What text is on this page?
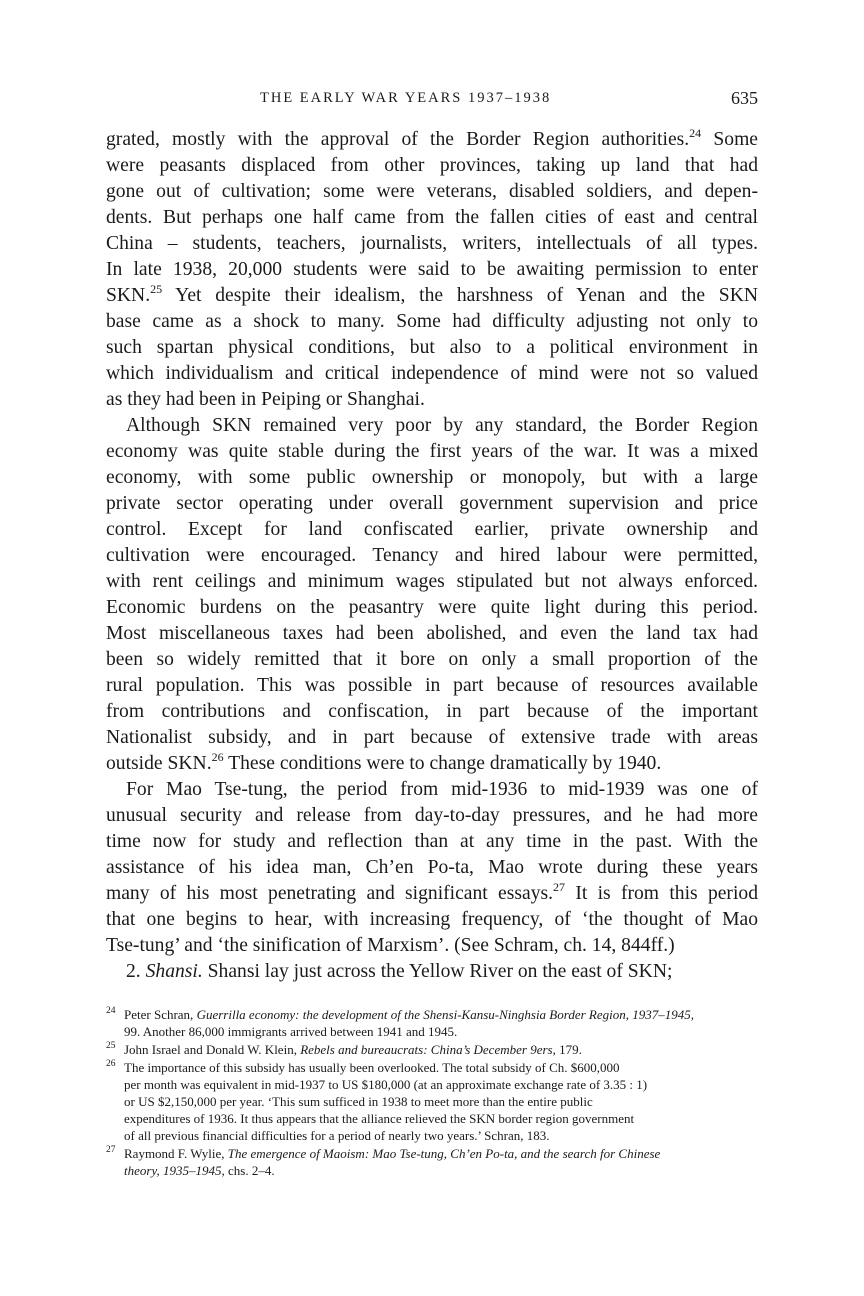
THE EARLY WAR YEARS 1937–1938	635
grated, mostly with the approval of the Border Region authorities.$^{24}$ Some
were peasants displaced from other provinces, taking up land that had
gone out of cultivation; some were veterans, disabled soldiers, and depen-
dents. But perhaps one half came from the fallen cities of east and central
China – students, teachers, journalists, writers, intellectuals of all types.
In late 1938, 20,000 students were said to be awaiting permission to enter
SKN.$^{25}$ Yet despite their idealism, the harshness of Yenan and the SKN
base came as a shock to many. Some had difficulty adjusting not only to
such spartan physical conditions, but also to a political environment in
which individualism and critical independence of mind were not so valued
as they had been in Peiping or Shanghai.
Although SKN remained very poor by any standard, the Border Region
economy was quite stable during the first years of the war. It was a mixed
economy, with some public ownership or monopoly, but with a large
private sector operating under overall government supervision and price
control. Except for land confiscated earlier, private ownership and
cultivation were encouraged. Tenancy and hired labour were permitted,
with rent ceilings and minimum wages stipulated but not always enforced.
Economic burdens on the peasantry were quite light during this period.
Most miscellaneous taxes had been abolished, and even the land tax had
been so widely remitted that it bore on only a small proportion of the
rural population. This was possible in part because of resources available
from contributions and confiscation, in part because of the important
Nationalist subsidy, and in part because of extensive trade with areas
outside SKN.$^{26}$ These conditions were to change dramatically by 1940.
For Mao Tse-tung, the period from mid-1936 to mid-1939 was one of
unusual security and release from day-to-day pressures, and he had more
time now for study and reflection than at any time in the past. With the
assistance of his idea man, Ch’en Po-ta, Mao wrote during these years
many of his most penetrating and significant essays.$^{27}$ It is from this period
that one begins to hear, with increasing frequency, of ‘the thought of Mao
Tse-tung’ and ‘the sinification of Marxism’. (See Schram, ch. 14, 844ff.)
2. Shansi. Shansi lay just across the Yellow River on the east of SKN;
24 Peter Schran, Guerrilla economy: the development of the Shensi-Kansu-Ninghsia Border Region, 1937–1945,
99. Another 86,000 immigrants arrived between 1941 and 1945.
25 John Israel and Donald W. Klein, Rebels and bureaucrats: China’s December 9ers, 179.
26 The importance of this subsidy has usually been overlooked. The total subsidy of Ch. $600,000
per month was equivalent in mid-1937 to US $180,000 (at an approximate exchange rate of 3.35 : 1)
or US $2,150,000 per year. ‘This sum sufficed in 1938 to meet more than the entire public
expenditures of 1936. It thus appears that the alliance relieved the SKN border region government
of all previous financial difficulties for a period of nearly two years.’ Schran, 183.
27 Raymond F. Wylie, The emergence of Maoism: Mao Tse-tung, Ch’en Po-ta, and the search for Chinese
theory, 1935–1945, chs. 2–4.
